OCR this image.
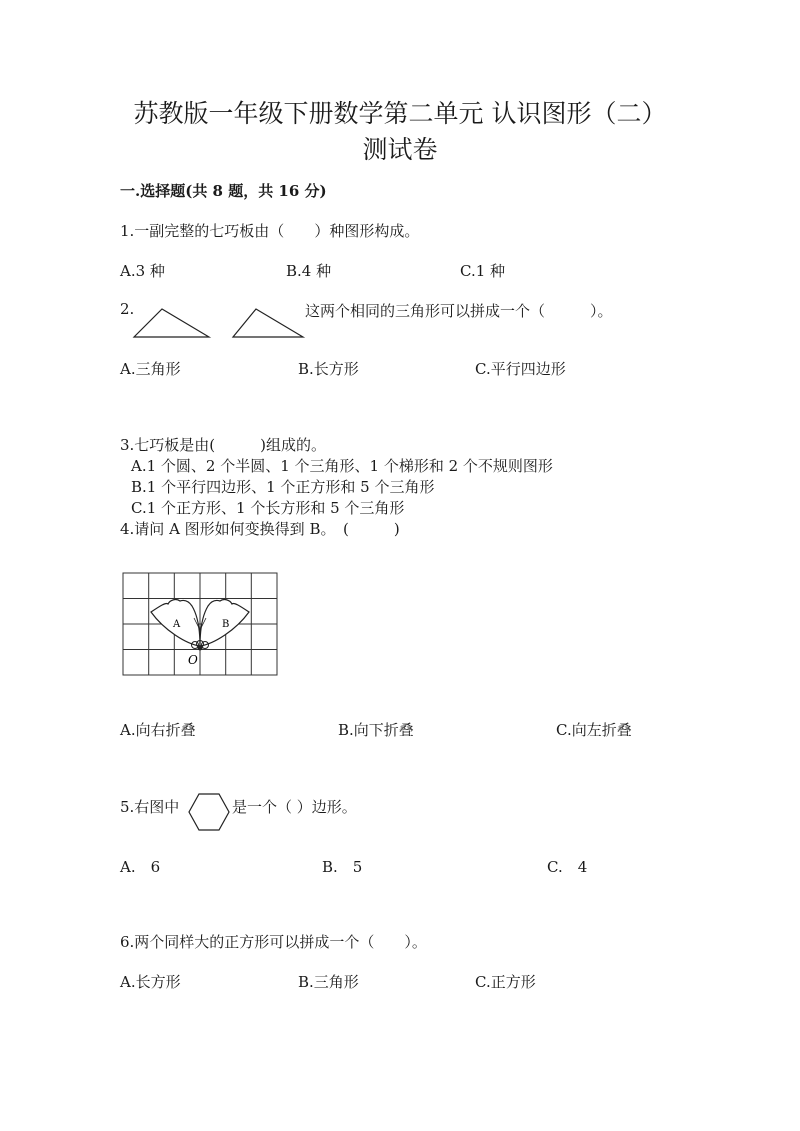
苏教版一年级下册数学第二单元 认识图形（二）
测试卷
一.选择题(共 8 题，共 16 分)
1.一副完整的七巧板由（　　）种图形构成。
A.3 种	B.4 种	C.1 种
2.	这两个相同的三角形可以拼成一个（　　　）。
A.三角形	B.长方形	C.平行四边形
3.七巧板是由(　　　)组成的。
A.1 个圆、2 个半圆、1 个三角形、1 个梯形和 2 个不规则图形
B.1 个平行四边形、1 个正方形和 5 个三角形
C.1 个正方形、1 个长方形和 5 个三角形
4.请问 A 图形如何变换得到 B。　(　　　)
A	B
O
A.向右折叠	B.向下折叠	C.向左折叠
5.右图中	是一个（ ）边形。
A.　6	B.　5	C.　4
6.两个同样大的正方形可以拼成一个（　　）。
A.长方形	B.三角形	C.正方形
